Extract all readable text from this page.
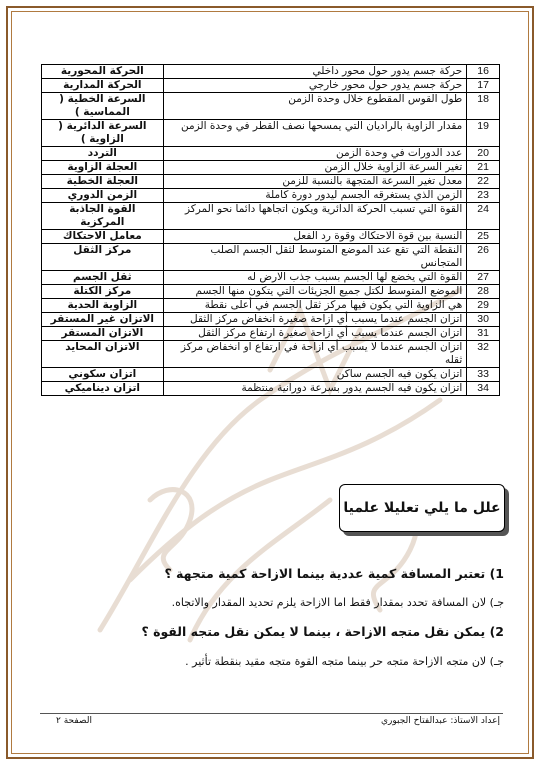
16	حركة جسم يدور حول محور داخلي	الحركة المحورية
17	حركة جسم يدور حول محور خارجي	الحركة المدارية
18	طول القوس المقطوع خلال وحدة الزمن	السرعة الخطية ( المماسية )
19	مقدار الزاوية بالراديان التي يمسحها نصف القطر في وحدة الزمن	السرعة الدائرية ( الزاوية )
20	عدد الدورات في وحدة الزمن	التردد
21	تغير السرعة الزاوية خلال الزمن	العجلة الزاوية
22	معدل تغير السرعة المتجهة بالنسبة للزمن	العجلة الخطية
23	الزمن الذي يستغرقه الجسم ليدور دورة كاملة	الزمن الدوري
24	القوة التي تسبب الحركة الدائرية ويكون اتجاهها دائما نحو المركز	القوة الجاذبة المركزية
25	النسبة بين قوة الاحتكاك وقوة رد الفعل	معامل الاحتكاك
26	النقطة التي تقع عند الموضع المتوسط لثقل الجسم الصلب المتجانس	مركز الثقل
27	القوة التي يخضع لها الجسم بسبب جذب الارض له	ثقل الجسم
28	الموضع المتوسط لكتل جميع الجزيئات التي يتكون منها الجسم	مركز الكتلة
29	هي الزاوية التي يكون فيها مركز ثقل الجسم في أعلى نقطة	الزاوية الحدية
30	اتزان الجسم عندما يسبب أي ازاحة صغيرة انخفاض مركز الثقل	الاتزان غير المستقر
31	اتزان الجسم عندما يسبب أي ازاحة صغيرة ارتفاع مركز الثقل	الاتزان المستقر
32	اتزان الجسم عندما لا يسبب أي ازاحة في ارتفاع او انخفاض مركز ثقله	الاتزان المحايد
33	اتزان يكون فيه الجسم ساكن	اتزان سكوني
34	اتزان يكون فيه الجسم يدور بسرعة دورانية منتظمة	اتزان ديناميكي
علل ما يلي تعليلا علميا
1) تعتبر المسافة كمية عددية بينما الازاحة كمية متجهة ؟
جـ) لان المسافة تحدد بمقدار فقط اما الازاحة يلزم تحديد المقدار والاتجاه.
2) يمكن نقل متجه الازاحة ، بينما لا يمكن نقل متجه القوة ؟
جـ) لان متجه الازاحة متجه حر بينما متجه القوة متجه مقيد بنقطة تأثير .
إعداد الاستاذ: عبدالفتاح الجبوري
الصفحة ٢
